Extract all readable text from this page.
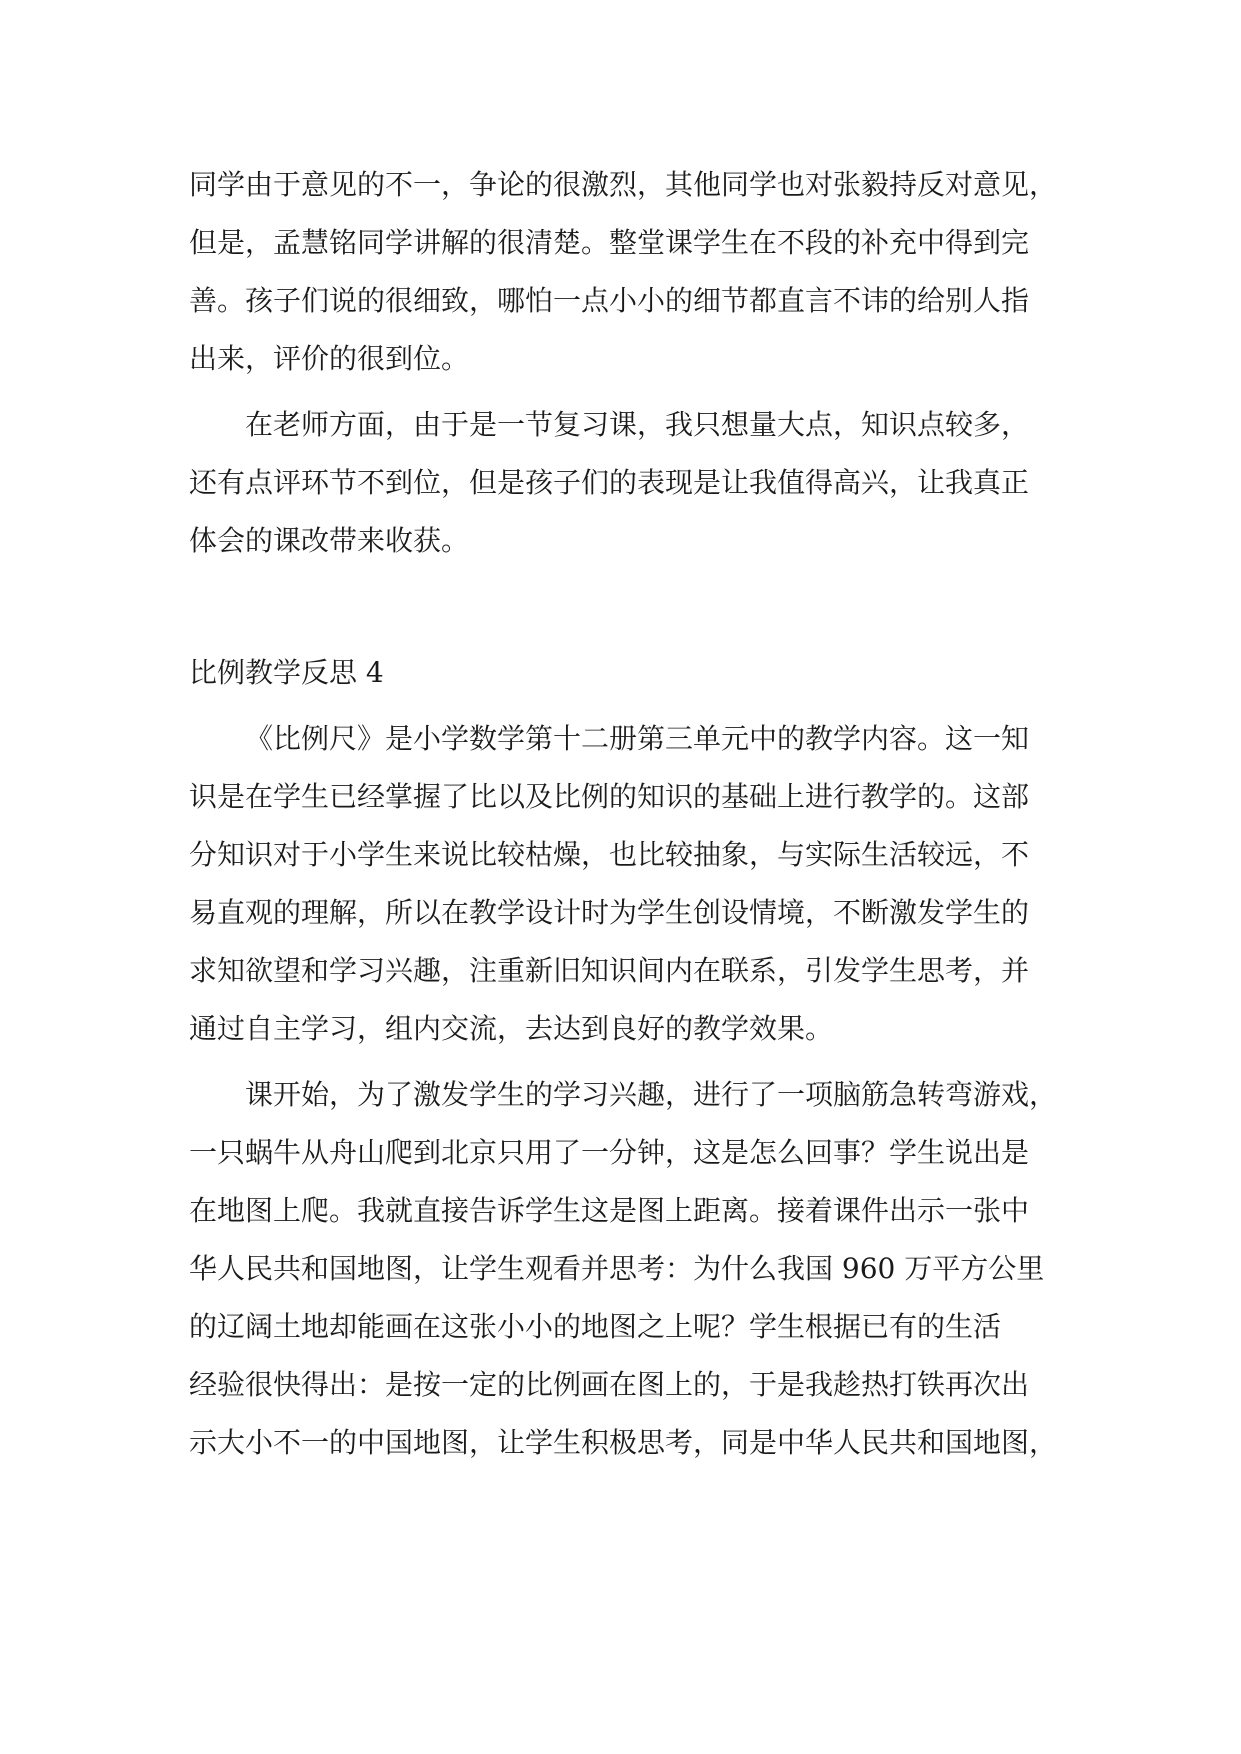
同学由于意见的不一，争论的很激烈，其他同学也对张毅持反对意见，
但是，孟慧铭同学讲解的很清楚。整堂课学生在不段的补充中得到完
善。孩子们说的很细致，哪怕一点小小的细节都直言不讳的给别人指
出来，评价的很到位。
在老师方面，由于是一节复习课，我只想量大点，知识点较多，
还有点评环节不到位，但是孩子们的表现是让我值得高兴，让我真正
体会的课改带来收获。
比例教学反思 4
《比例尺》是小学数学第十二册第三单元中的教学内容。这一知
识是在学生已经掌握了比以及比例的知识的基础上进行教学的。这部
分知识对于小学生来说比较枯燥，也比较抽象，与实际生活较远，不
易直观的理解，所以在教学设计时为学生创设情境，不断激发学生的
求知欲望和学习兴趣，注重新旧知识间内在联系，引发学生思考，并
通过自主学习，组内交流，去达到良好的教学效果。
课开始，为了激发学生的学习兴趣，进行了一项脑筋急转弯游戏，
一只蜗牛从舟山爬到北京只用了一分钟，这是怎么回事？学生说出是
在地图上爬。我就直接告诉学生这是图上距离。接着课件出示一张中
华人民共和国地图，让学生观看并思考：为什么我国 960 万平方公里
的辽阔土地却能画在这张小小的地图之上呢？学生根据已有的生活
经验很快得出：是按一定的比例画在图上的，于是我趁热打铁再次出
示大小不一的中国地图，让学生积极思考，同是中华人民共和国地图，
